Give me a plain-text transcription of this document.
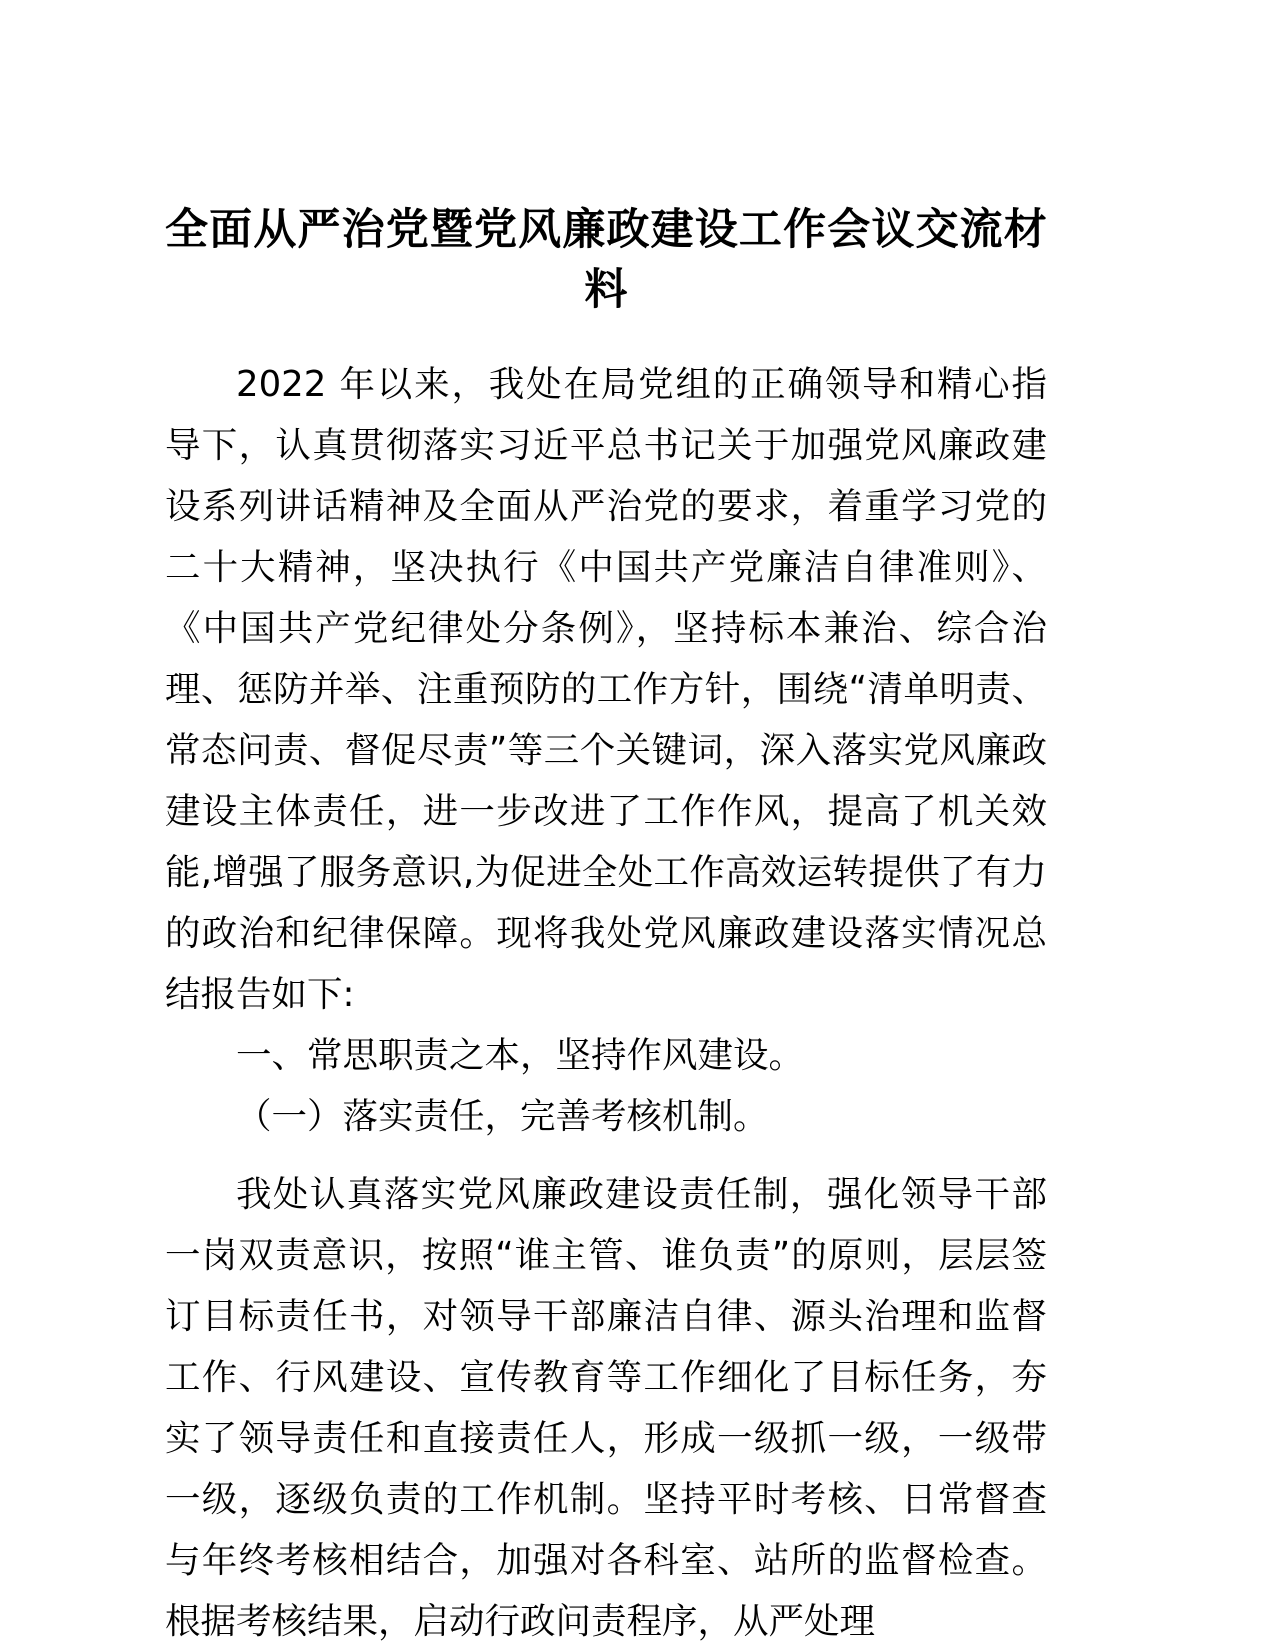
全面从严治党暨党风廉政建设工作会议交流材料

2022 年以来，我处在局党组的正确领导和精心指导下，认真贯彻落实习近平总书记关于加强党风廉政建设系列讲话精神及全面从严治党的要求，着重学习党的二十大精神，坚决执行《中国共产党廉洁自律准则》、《中国共产党纪律处分条例》，坚持标本兼治、综合治理、惩防并举、注重预防的工作方针，围绕“清单明责、常态问责、督促尽责”等三个关键词，深入落实党风廉政建设主体责任，进一步改进了工作作风，提高了机关效能,增强了服务意识,为促进全处工作高效运转提供了有力的政治和纪律保障。现将我处党风廉政建设落实情况总结报告如下:

一、常思职责之本，坚持作风建设。

（一）落实责任，完善考核机制。

我处认真落实党风廉政建设责任制，强化领导干部一岗双责意识，按照“谁主管、谁负责”的原则，层层签订目标责任书，对领导干部廉洁自律、源头治理和监督工作、行风建设、宣传教育等工作细化了目标任务，夯实了领导责任和直接责任人，形成一级抓一级，一级带一级，逐级负责的工作机制。坚持平时考核、日常督查与年终考核相结合，加强对各科室、站所的监督检查。根据考核结果，启动行政问责程序，从严处理
